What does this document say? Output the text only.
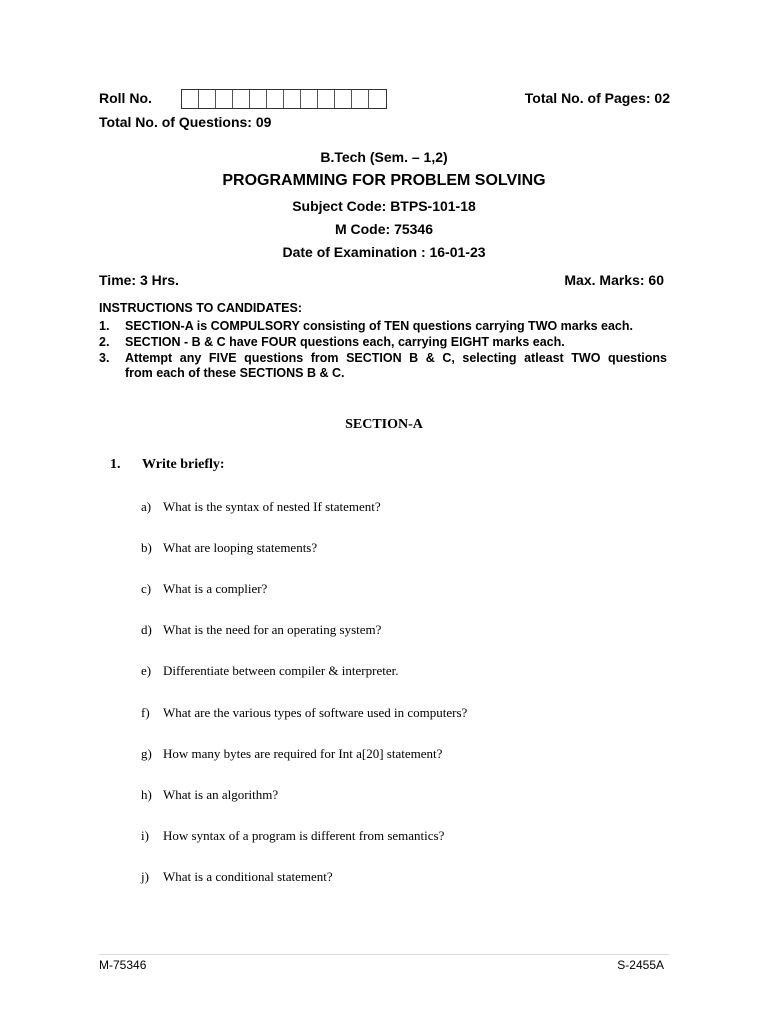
Roll No.	Total No. of Pages: 02
Total No. of Questions: 09
B.Tech (Sem. – 1,2)
PROGRAMMING FOR PROBLEM SOLVING
Subject Code: BTPS-101-18
M Code: 75346
Date of Examination : 16-01-23
Time: 3 Hrs.	Max. Marks: 60
INSTRUCTIONS TO CANDIDATES:
1. SECTION-A is COMPULSORY consisting of TEN questions carrying TWO marks each.
2. SECTION - B & C have FOUR questions each, carrying EIGHT marks each.
3. Attempt any FIVE questions from SECTION B & C, selecting atleast TWO questions
from each of these SECTIONS B & C.
SECTION-A
1. Write briefly:
a) What is the syntax of nested If statement?
b) What are looping statements?
c) What is a complier?
d) What is the need for an operating system?
e) Differentiate between compiler & interpreter.
f) What are the various types of software used in computers?
g) How many bytes are required for Int a[20] statement?
h) What is an algorithm?
i) How syntax of a program is different from semantics?
j) What is a conditional statement?
M-75346	S-2455A
